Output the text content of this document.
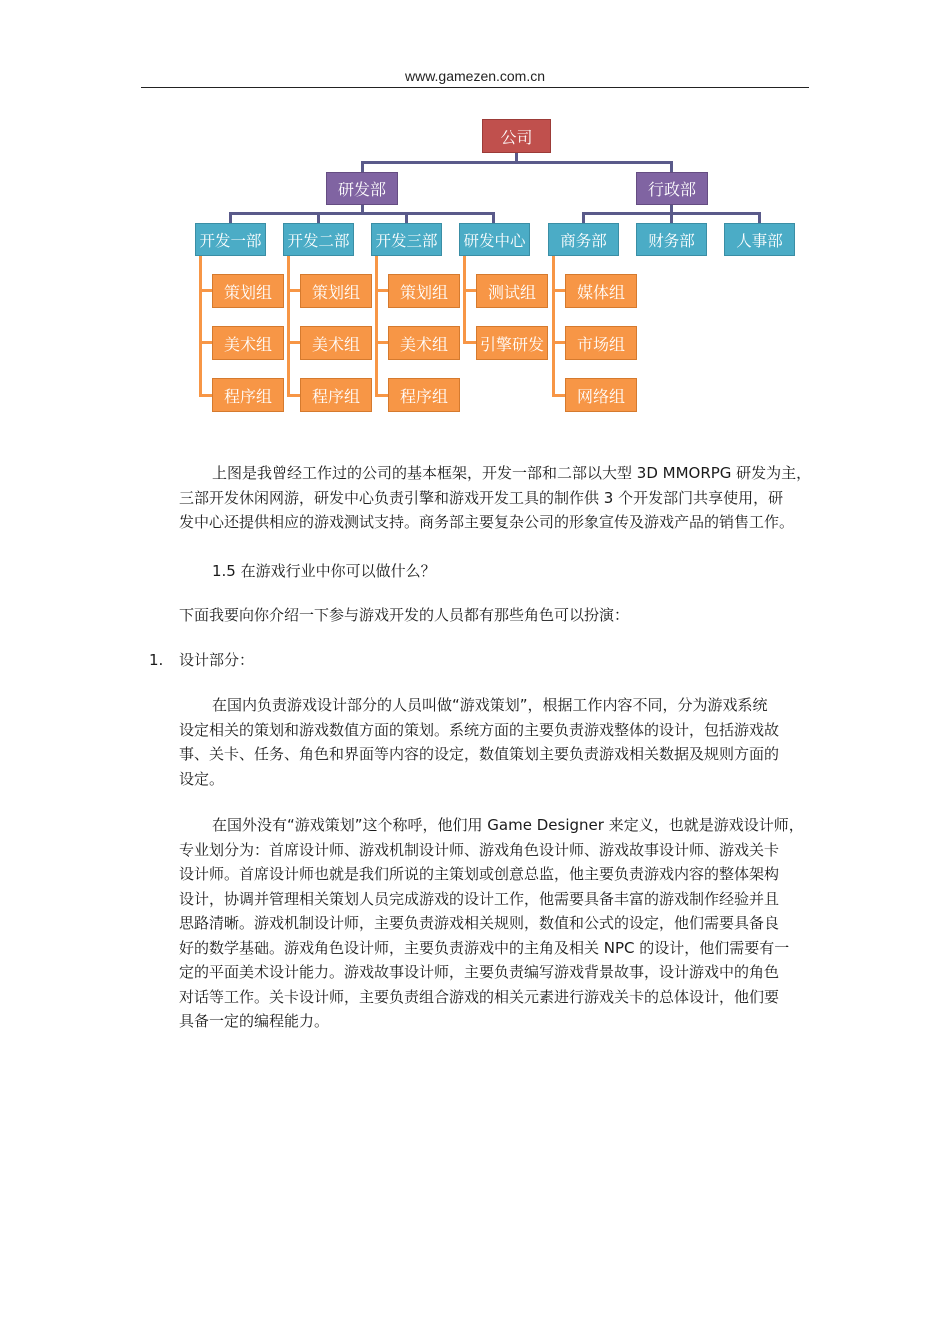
www.gamezen.com.cn
公司
研发部	行政部
开发一部 开发二部 开发三部 研发中心	商务部	财务部	人事部
策划组
美术组
程序组
策划组
美术组
程序组
策划组
美术组
程序组
测试组
引擎研发
媒体组
市场组
网络组
上图是我曾经工作过的公司的基本框架，开发一部和二部以大型 3D MMORPG 研发为主，
三部开发休闲网游，研发中心负责引擎和游戏开发工具的制作供 3 个开发部门共享使用，研
发中心还提供相应的游戏测试支持。商务部主要复杂公司的形象宣传及游戏产品的销售工作。
1.5 在游戏行业中你可以做什么？
下面我要向你介绍一下参与游戏开发的人员都有那些角色可以扮演：
1. 设计部分：
在国内负责游戏设计部分的人员叫做“游戏策划”，根据工作内容不同，分为游戏系统
设定相关的策划和游戏数值方面的策划。系统方面的主要负责游戏整体的设计，包括游戏故
事、关卡、任务、角色和界面等内容的设定，数值策划主要负责游戏相关数据及规则方面的
设定。
在国外没有“游戏策划”这个称呼，他们用 Game Designer 来定义，也就是游戏设计师，
专业划分为：首席设计师、游戏机制设计师、游戏角色设计师、游戏故事设计师、游戏关卡
设计师。首席设计师也就是我们所说的主策划或创意总监，他主要负责游戏内容的整体架构
设计，协调并管理相关策划人员完成游戏的设计工作，他需要具备丰富的游戏制作经验并且
思路清晰。游戏机制设计师，主要负责游戏相关规则，数值和公式的设定，他们需要具备良
好的数学基础。游戏角色设计师，主要负责游戏中的主角及相关 NPC 的设计，他们需要有一
定的平面美术设计能力。游戏故事设计师，主要负责编写游戏背景故事，设计游戏中的角色
对话等工作。关卡设计师，主要负责组合游戏的相关元素进行游戏关卡的总体设计，他们要
具备一定的编程能力。
